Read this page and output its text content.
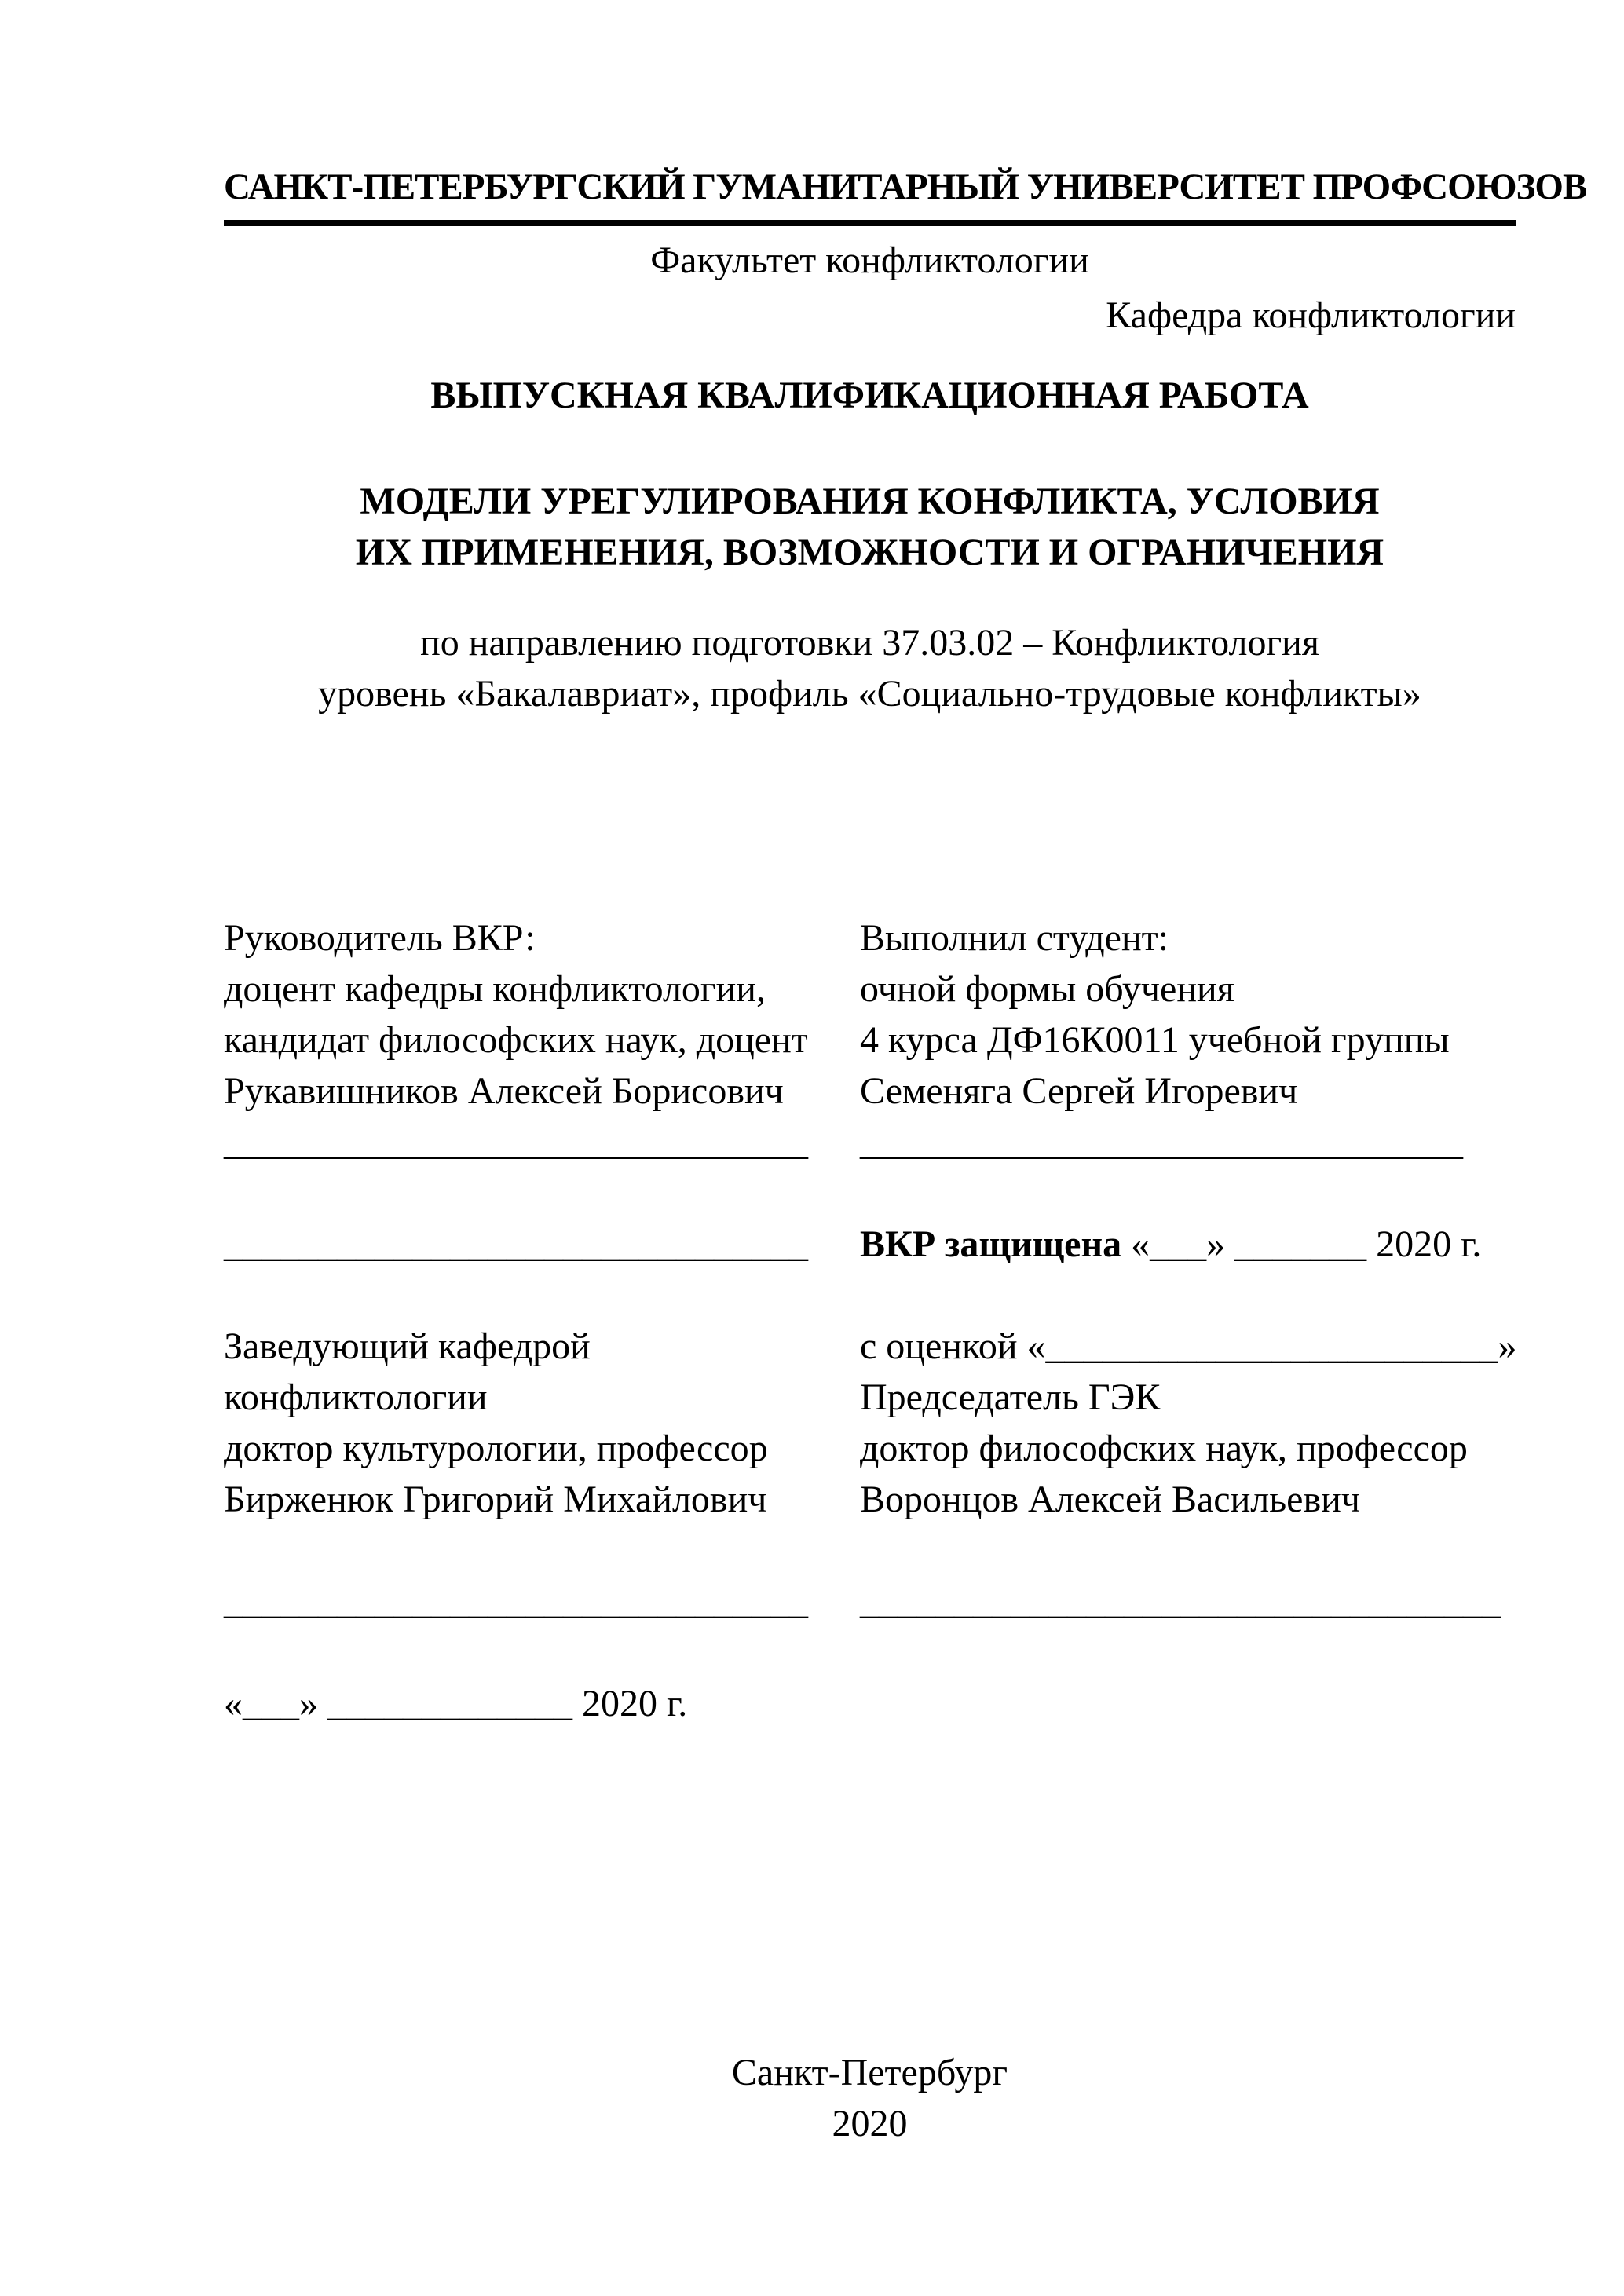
САНКТ-ПЕТЕРБУРГСКИЙ ГУМАНИТАРНЫЙ УНИВЕРСИТЕТ ПРОФСОЮЗОВ
Факультет конфликтологии
Кафедра конфликтологии
ВЫПУСКНАЯ КВАЛИФИКАЦИОННАЯ РАБОТА
МОДЕЛИ УРЕГУЛИРОВАНИЯ КОНФЛИКТА, УСЛОВИЯ
ИХ ПРИМЕНЕНИЯ, ВОЗМОЖНОСТИ И ОГРАНИЧЕНИЯ
по направлению подготовки 37.03.02 – Конфликтология
уровень «Бакалавриат», профиль «Социально-трудовые конфликты»
Руководитель ВКР:
доцент кафедры конфликтологии,
кандидат философских наук, доцент
Рукавишников Алексей Борисович
_______________________________
_______________________________
Заведующий кафедрой
конфликтологии
доктор культурологии, профессор
Бирженюк Григорий Михайлович
_______________________________
«___» _____________ 2020 г.
Выполнил студент:
очной формы обучения
4 курса ДФ16К0011 учебной группы
Семеняга Сергей Игоревич
________________________________
ВКР защищена «___» _______ 2020 г.
с оценкой «________________________»
Председатель ГЭК
доктор философских наук, профессор
Воронцов Алексей Васильевич
__________________________________
Санкт-Петербург
2020
